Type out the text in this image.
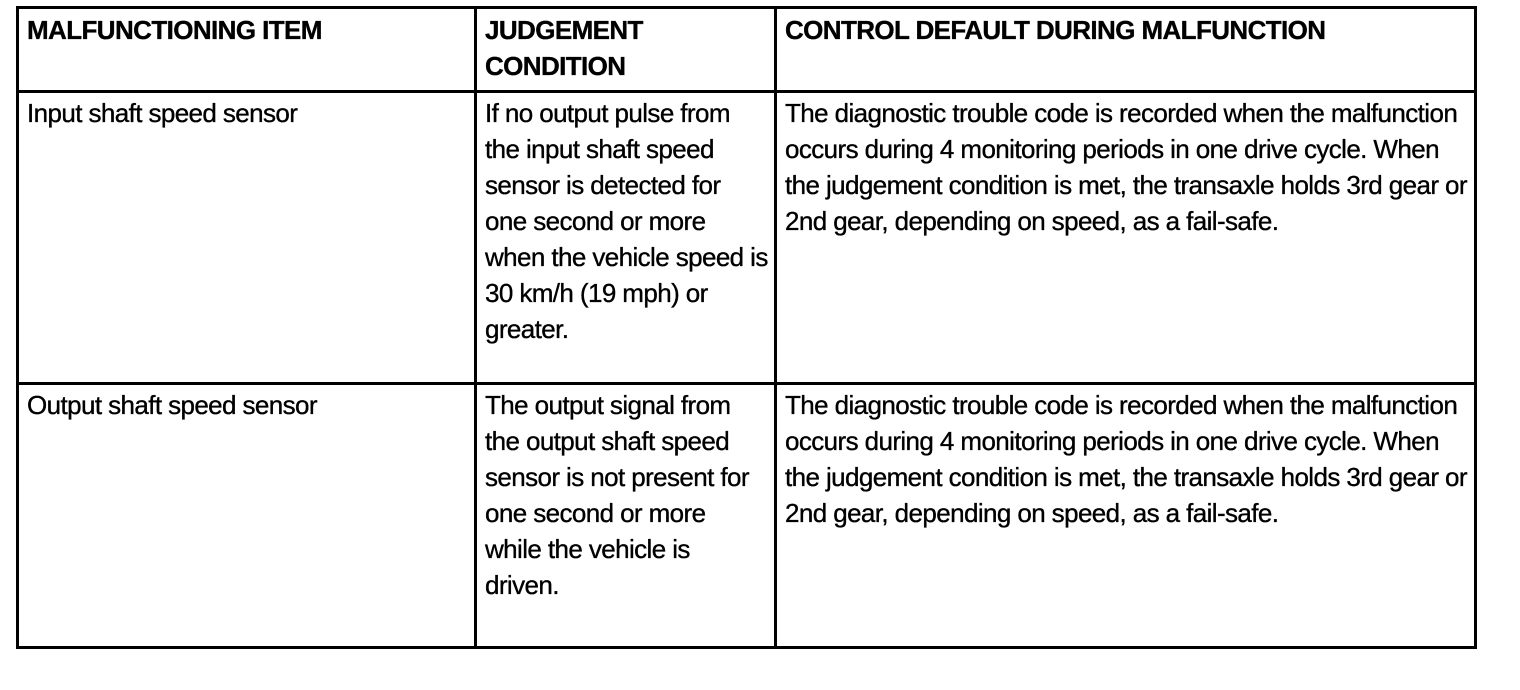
MALFUNCTIONING ITEM	JUDGEMENT CONDITION	CONTROL DEFAULT DURING MALFUNCTION

Input shaft speed sensor	If no output pulse from the input shaft speed sensor is detected for one second or more when the vehicle speed is 30 km/h (19 mph) or greater.	The diagnostic trouble code is recorded when the malfunction occurs during 4 monitoring periods in one drive cycle. When the judgement condition is met, the transaxle holds 3rd gear or 2nd gear, depending on speed, as a fail-safe.

Output shaft speed sensor	The output signal from the output shaft speed sensor is not present for one second or more while the vehicle is driven.	The diagnostic trouble code is recorded when the malfunction occurs during 4 monitoring periods in one drive cycle. When the judgement condition is met, the transaxle holds 3rd gear or 2nd gear, depending on speed, as a fail-safe.
